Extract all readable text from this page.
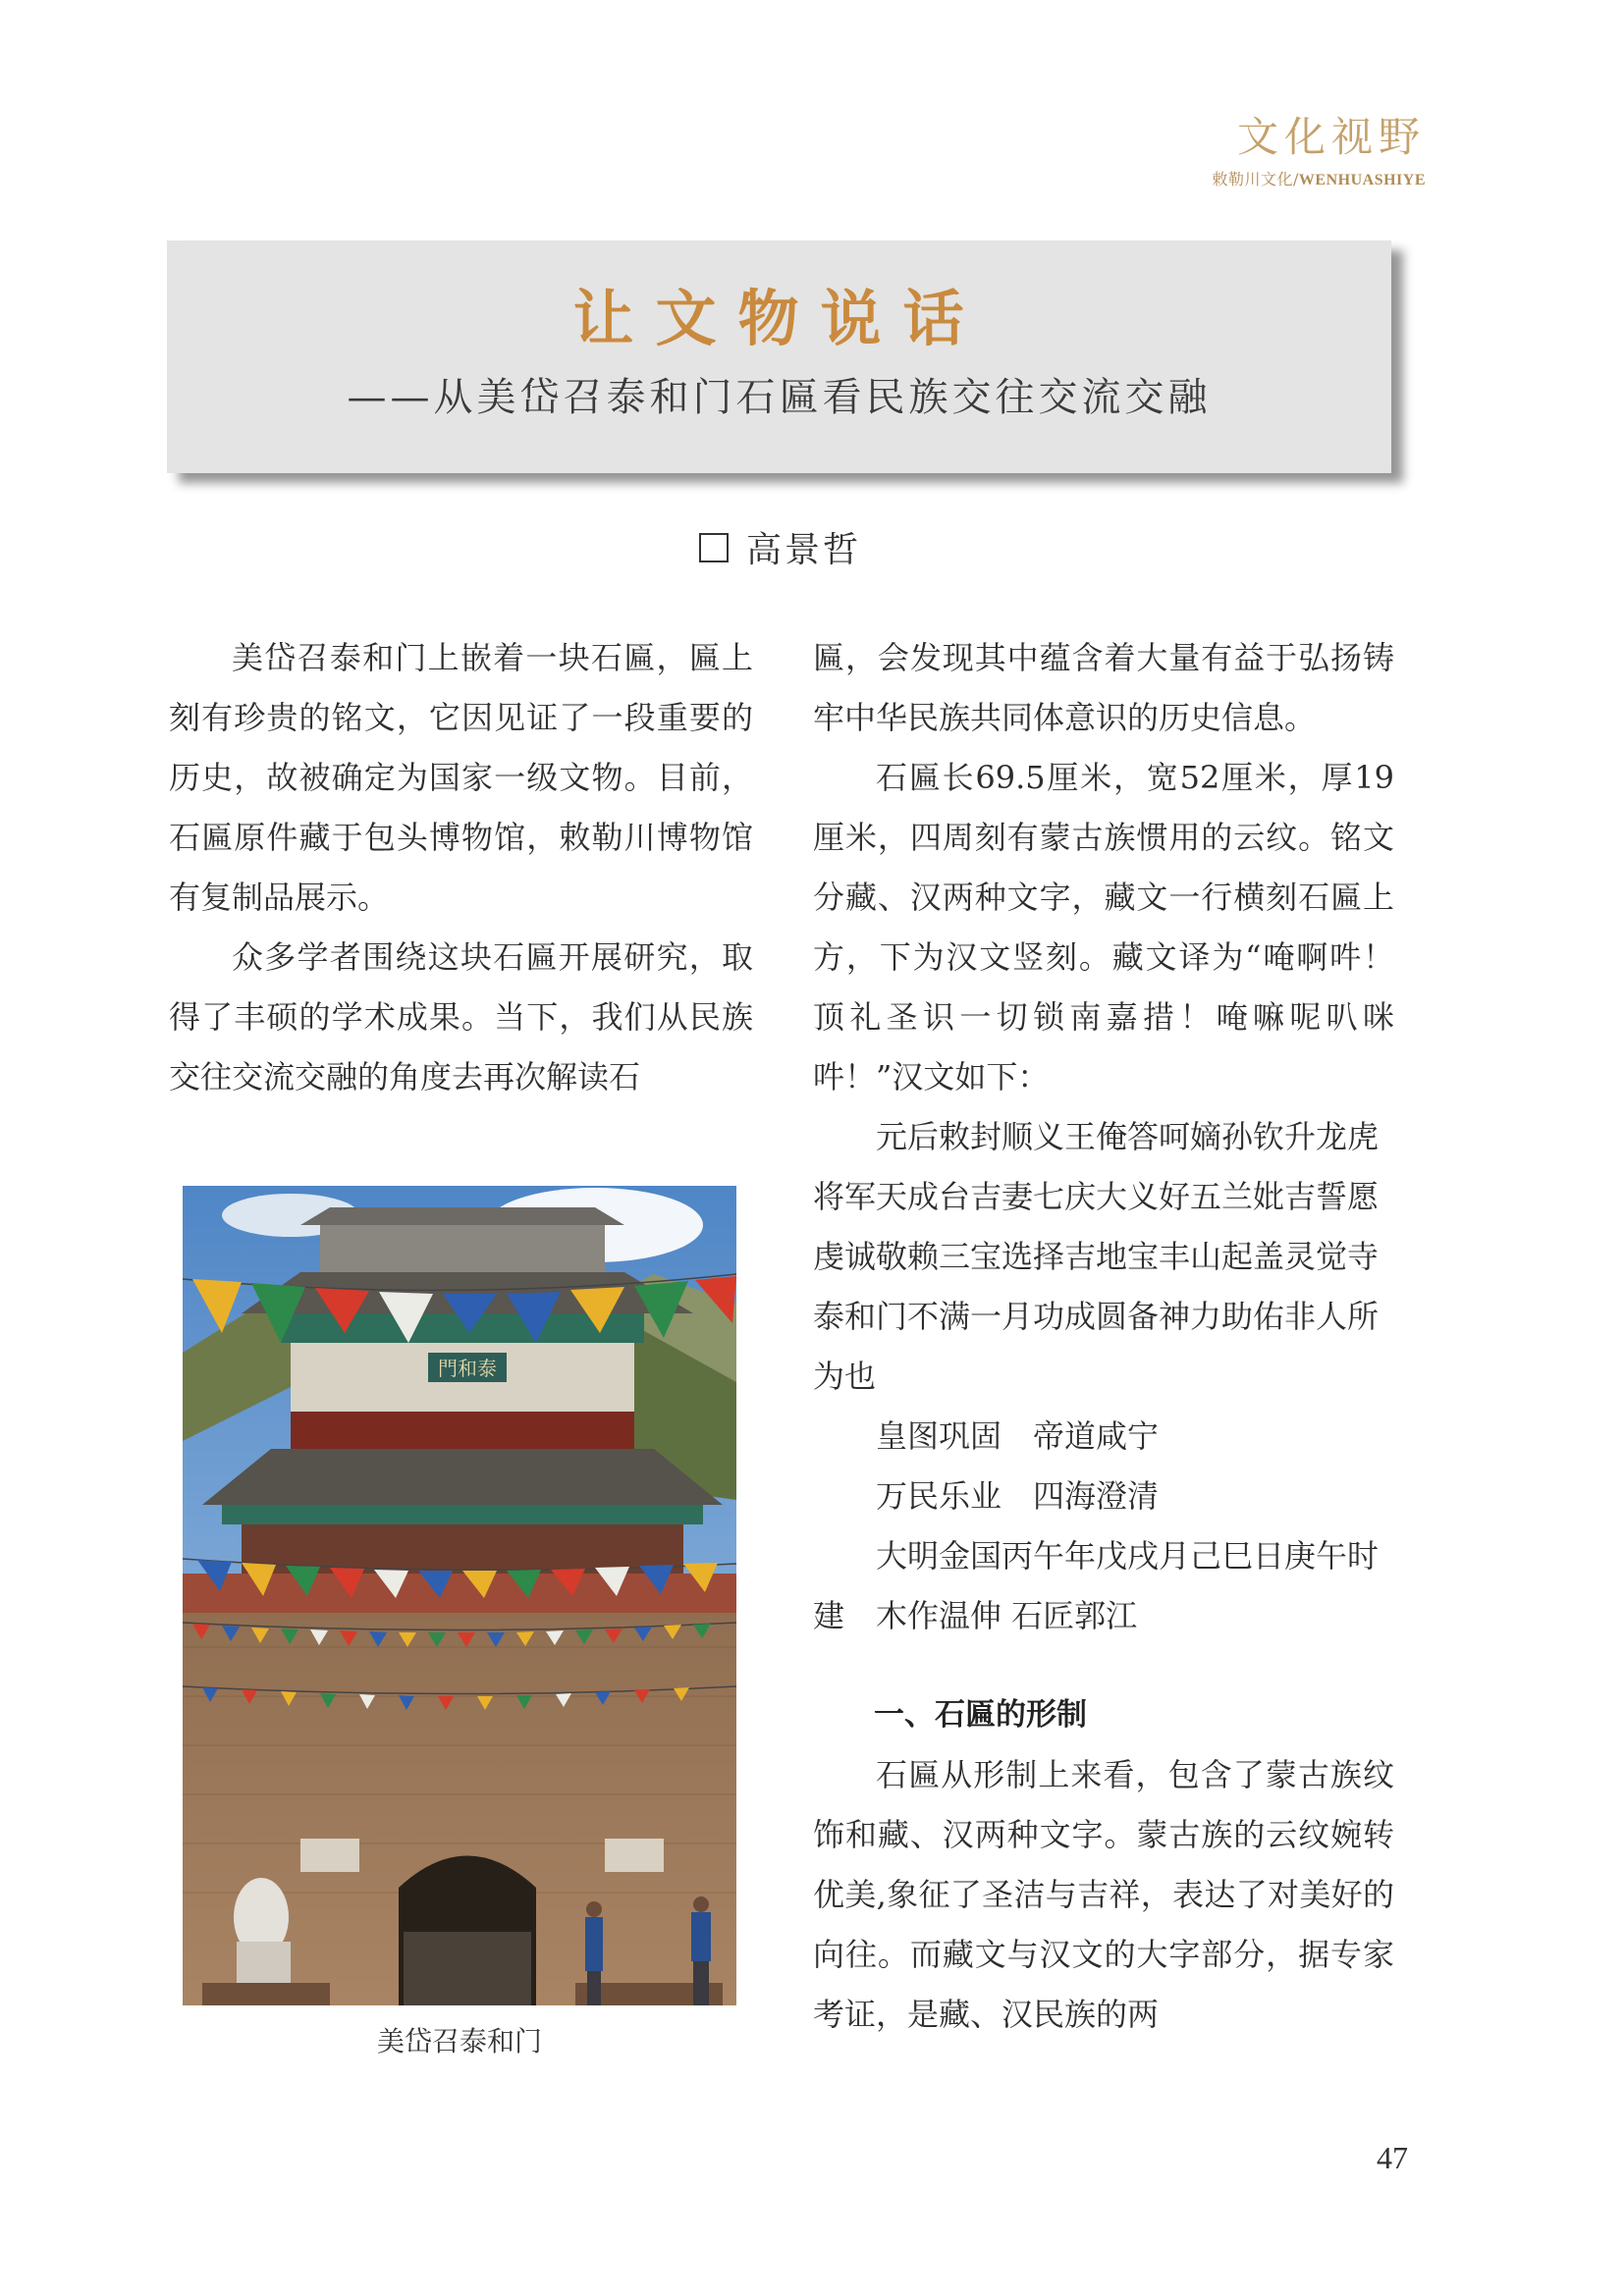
文化视野
敕勒川文化/WENHUASHIYE
让文物说话
——从美岱召泰和门石匾看民族交往交流交融
高景哲

美岱召泰和门上嵌着一块石匾，匾上刻有珍贵的铭文，它因见证了一段重要的历史，故被确定为国家一级文物。目前，石匾原件藏于包头博物馆，敕勒川博物馆有复制品展示。

众多学者围绕这块石匾开展研究，取得了丰硕的学术成果。当下，我们从民族交往交流交融的角度去再次解读石

門和泰
美岱召泰和门

匾，会发现其中蕴含着大量有益于弘扬铸牢中华民族共同体意识的历史信息。

石匾长69.5厘米，宽52厘米，厚19厘米，四周刻有蒙古族惯用的云纹。铭文分藏、汉两种文字，藏文一行横刻石匾上方，下为汉文竖刻。藏文译为“唵啊吽！顶礼圣识一切锁南嘉措！唵嘛呢叭咪吽！”汉文如下：

元后敕封顺义王俺答呵嫡孙钦升龙虎将军天成台吉妻七庆大义好五兰妣吉誓愿虔诚敬赖三宝选择吉地宝丰山起盖灵觉寺泰和门不满一月功成圆备神力助佑非人所为也

皇图巩固　帝道咸宁

万民乐业　四海澄清

大明金国丙午年戊戌月己巳日庚午时建　木作温伸 石匠郭江

一、石匾的形制

石匾从形制上来看，包含了蒙古族纹饰和藏、汉两种文字。蒙古族的云纹婉转优美,象征了圣洁与吉祥，表达了对美好的向往。而藏文与汉文的大字部分，据专家考证，是藏、汉民族的两

47
